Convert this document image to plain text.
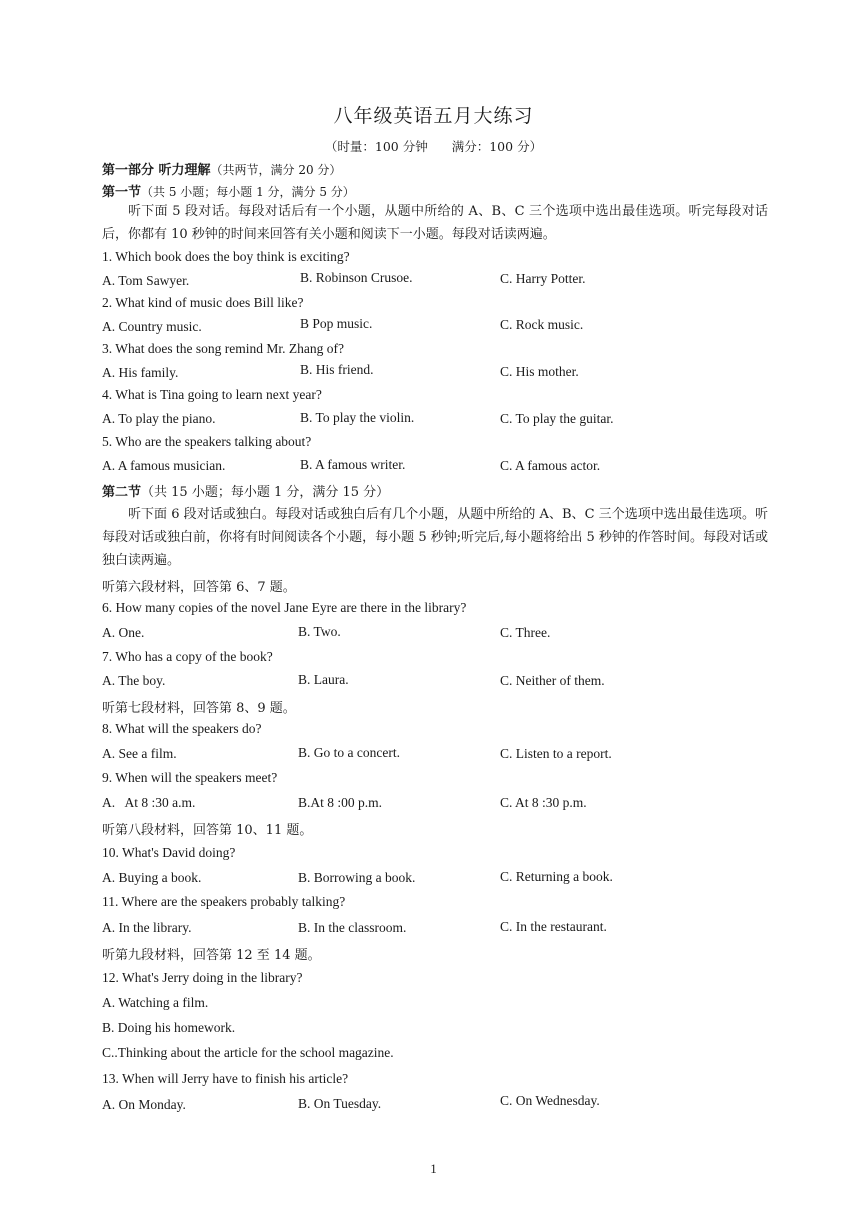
八年级英语五月大练习
（时量：100 分钟 满分：100 分）
第一部分 听力理解（共两节，满分 20 分）
第一节（共 5 小题；每小题 1 分，满分 5 分）
听下面 5 段对话。每段对话后有一个小题，从题中所给的 A、B、C 三个选项中选出最佳选项。听完每段对话后，你都有 10 秒钟的时间来回答有关小题和阅读下一小题。每段对话读两遍。
1. Which book does the boy think is exciting?
A. Tom Sawyer.	B. Robinson Crusoe.	C. Harry Potter.
2. What kind of music does Bill like?
A. Country music.	B Pop music.	C. Rock music.
3. What does the song remind Mr. Zhang of?
A. His family.	B. His friend.	C. His mother.
4. What is Tina going to learn next year?
A. To play the piano.	B. To play the violin.	C. To play the guitar.
5. Who are the speakers talking about?
A. A famous musician.	B. A famous writer.	C. A famous actor.
第二节（共 15 小题；每小题 1 分，满分 15 分）
听下面 6 段对话或独白。每段对话或独白后有几个小题，从题中所给的 A、B、C 三个选项中选出最佳选项。听每段对话或独白前，你将有时间阅读各个小题，每小题 5 秒钟;听完后,每小题将给出 5 秒钟的作答时间。每段对话或独白读两遍。
听第六段材料，回答第 6、7 题。
6. How many copies of the novel Jane Eyre are there in the library?
A. One.	B. Two.	C. Three.
7. Who has a copy of the book?
A. The boy.	B. Laura.	C. Neither of them.
听第七段材料，回答第 8、9 题。
8. What will the speakers do?
A. See a film.	B. Go to a concert.	C. Listen to a report.
9. When will the speakers meet?
A.   At 8 :30 a.m.	B.At 8 :00 p.m.	C. At 8 :30 p.m.
听第八段材料，回答第 10、11 题。
10. What's David doing?
A. Buying a book.	B. Borrowing a book.	C. Returning a book.
11. Where are the speakers probably talking?
A. In the library.	B. In the classroom.	C. In the restaurant.
听第九段材料，回答第 12 至 14 题。
12. What's Jerry doing in the library?
A. Watching a film.
B. Doing his homework.
C..Thinking about the article for the school magazine.
13. When will Jerry have to finish his article?
A. On Monday.	B. On Tuesday.	C. On Wednesday.
1
